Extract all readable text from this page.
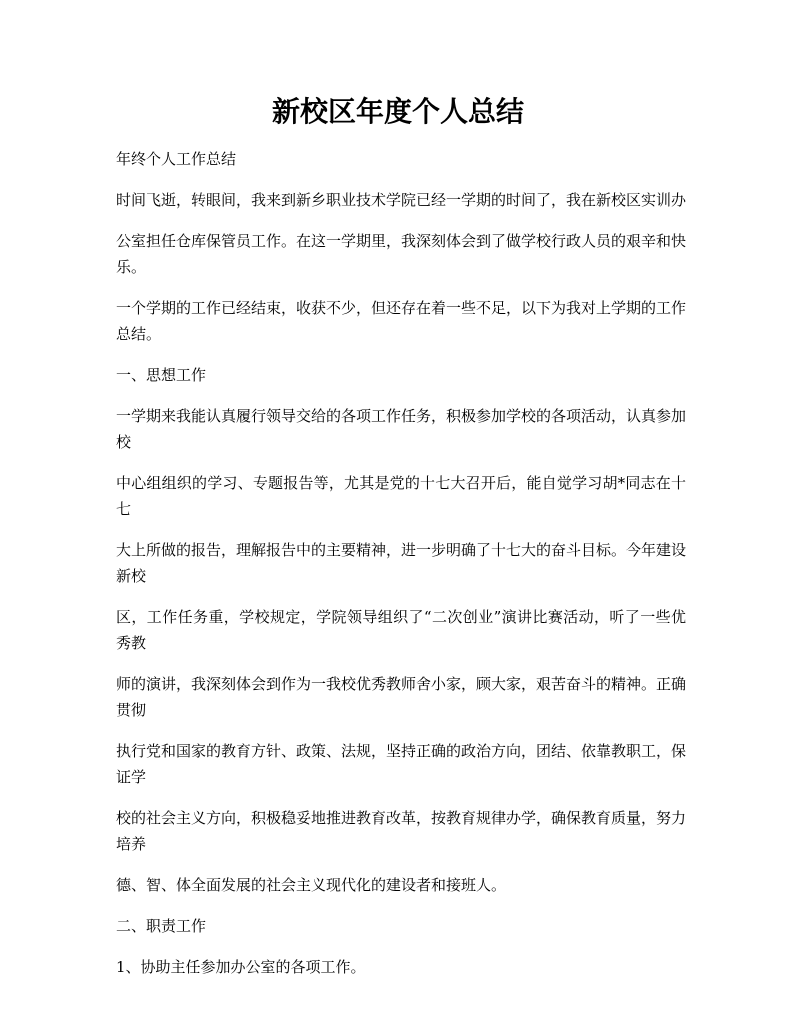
新校区年度个人总结

年终个人工作总结

时间飞逝，转眼间，我来到新乡职业技术学院已经一学期的时间了，我在新校区实训办

公室担任仓库保管员工作。在这一学期里，我深刻体会到了做学校行政人员的艰辛和快乐。

一个学期的工作已经结束，收获不少，但还存在着一些不足，以下为我对上学期的工作总结。

一、思想工作

一学期来我能认真履行领导交给的各项工作任务，积极参加学校的各项活动，认真参加校

中心组组织的学习、专题报告等，尤其是党的十七大召开后，能自觉学习胡*同志在十七

大上所做的报告，理解报告中的主要精神，进一步明确了十七大的奋斗目标。今年建设新校

区，工作任务重，学校规定，学院领导组织了“二次创业”演讲比赛活动，听了一些优秀教

师的演讲，我深刻体会到作为一我校优秀教师舍小家，顾大家，艰苦奋斗的精神。正确贯彻

执行党和国家的教育方针、政策、法规，坚持正确的政治方向，团结、依靠教职工，保证学

校的社会主义方向，积极稳妥地推进教育改革，按教育规律办学，确保教育质量，努力培养

德、智、体全面发展的社会主义现代化的建设者和接班人。

二、职责工作

1、协助主任参加办公室的各项工作。
